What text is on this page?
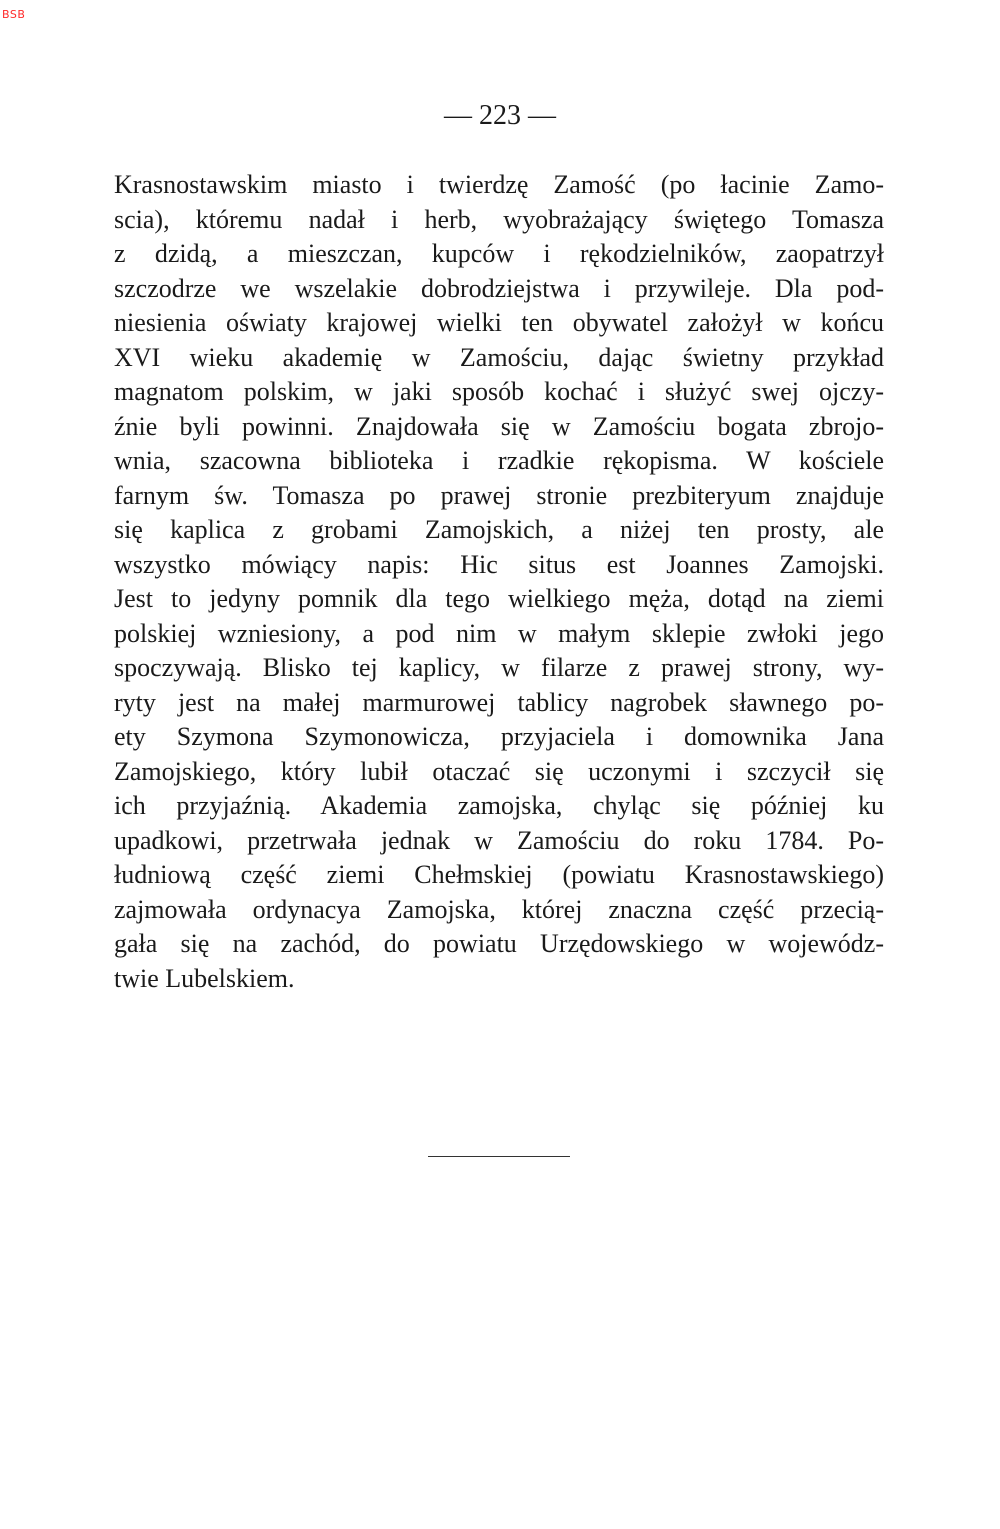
BSB
— 223 —
Krasnostawskim miasto i twierdzę Zamość (po łacinie Zamo-
scia), któremu nadał i herb, wyobrażający świętego Tomasza
z dzidą, a mieszczan, kupców i rękodzielników, zaopatrzył
szczodrze we wszelakie dobrodziejstwa i przywileje. Dla pod-
niesienia oświaty krajowej wielki ten obywatel założył w końcu
XVI wieku akademię w Zamościu, dając świetny przykład
magnatom polskim, w jaki sposób kochać i służyć swej ojczy-
źnie byli powinni. Znajdowała się w Zamościu bogata zbrojo-
wnia, szacowna biblioteka i rzadkie rękopisma. W kościele
farnym św. Tomasza po prawej stronie prezbiteryum znajduje
się kaplica z grobami Zamojskich, a niżej ten prosty, ale
wszystko mówiący napis: Hic situs est Joannes Zamojski.
Jest to jedyny pomnik dla tego wielkiego męża, dotąd na ziemi
polskiej wzniesiony, a pod nim w małym sklepie zwłoki jego
spoczywają. Blisko tej kaplicy, w filarze z prawej strony, wy-
ryty jest na małej marmurowej tablicy nagrobek sławnego po-
ety Szymona Szymonowicza, przyjaciela i domownika Jana
Zamojskiego, który lubił otaczać się uczonymi i szczycił się
ich przyjaźnią. Akademia zamojska, chyląc się później ku
upadkowi, przetrwała jednak w Zamościu do roku 1784. Po-
łudniową część ziemi Chełmskiej (powiatu Krasnostawskiego)
zajmowała ordynacya Zamojska, której znaczna część przecią-
gała się na zachód, do powiatu Urzędowskiego w wojewódz-
twie Lubelskiem.
